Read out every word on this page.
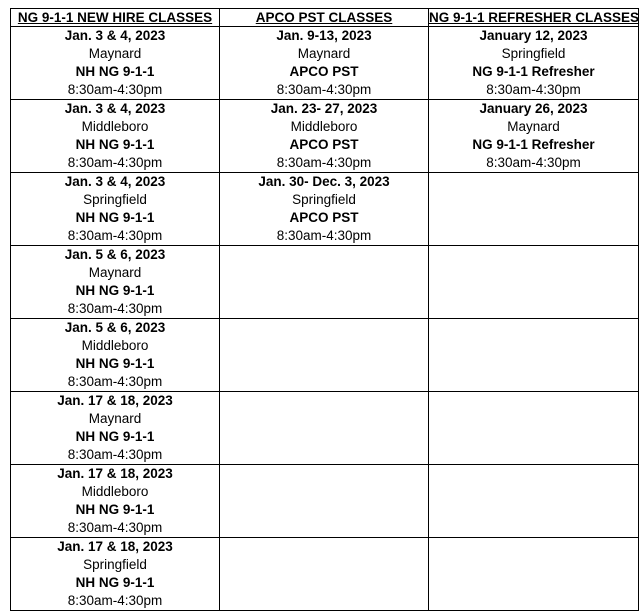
NG 9-1-1 NEW HIRE CLASSES	APCO PST CLASSES	NG 9-1-1 REFRESHER CLASSES

Jan. 3 & 4, 2023
Maynard
NH NG 9-1-1
8:30am-4:30pm	Jan. 9-13, 2023
Maynard
APCO PST
8:30am-4:30pm	January 12, 2023
Springfield
NG 9-1-1 Refresher
8:30am-4:30pm

Jan. 3 & 4, 2023
Middleboro
NH NG 9-1-1
8:30am-4:30pm	Jan. 23- 27, 2023
Middleboro
APCO PST
8:30am-4:30pm	January 26, 2023
Maynard
NG 9-1-1 Refresher
8:30am-4:30pm

Jan. 3 & 4, 2023
Springfield
NH NG 9-1-1
8:30am-4:30pm	Jan. 30- Dec. 3, 2023
Springfield
APCO PST
8:30am-4:30pm	

Jan. 5 & 6, 2023
Maynard
NH NG 9-1-1
8:30am-4:30pm		

Jan. 5 & 6, 2023
Middleboro
NH NG 9-1-1
8:30am-4:30pm		

Jan. 17 & 18, 2023
Maynard
NH NG 9-1-1
8:30am-4:30pm		

Jan. 17 & 18, 2023
Middleboro
NH NG 9-1-1
8:30am-4:30pm		

Jan. 17 & 18, 2023
Springfield
NH NG 9-1-1
8:30am-4:30pm		
